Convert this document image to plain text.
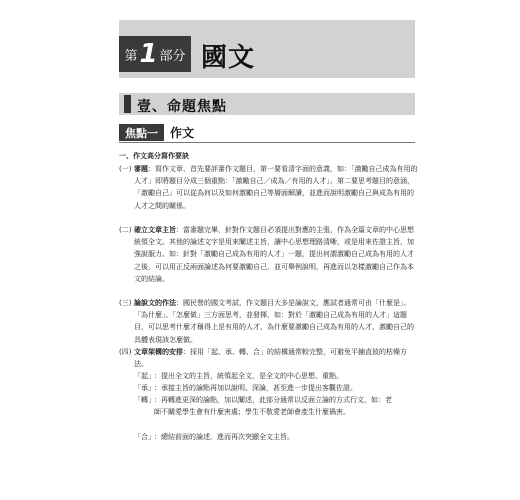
第 1 部分 國文
壹、命題焦點
焦點一	作文
一、作文高分寫作要訣
(一) 審題：寫作文章，首先要評審作文題目，第一要看清字面的意義，如：「激勵自己成為有用的人才」即將題目分成三個重點：「激勵自己／成為／有用的人才」。第二要思考題目的意涵，「激勵自己」可以從為何以及如何激勵自己等層面解讀，並進而說明激勵自己與成為有用的人才之間的關係。
(二) 確立文章主旨：當審題完畢，針對作文題目必須提出對應的主張，作為全篇文章的中心思想統領全文。其他的論述文字是用來闡述主旨，讓中心思想理路清晰，或是用來佐證主旨，加強說服力。如：針對「激勵自己成為有用的人才」一題，提出何謂激勵自己成為有用的人才之後，可以用正反兩面論述為何要激勵自己，並可舉例說明，再進而以怎樣激勵自己作為本文的結論。
(三) 論說文的作法：國民營的國文考試，作文題目大多是論說文，應試者通常可由「什麼是」、「為什麼」、「怎麼做」三方面思考，並發揮，如：對於「激勵自己成為有用的人才」這題目，可以思考什麼才稱得上是有用的人才，為什麼要激勵自己成為有用的人才，激勵自己的具體表現該怎麼做。
(四) 文章架構的安排：採用「起、承、轉、合」的結構通常較完整，可避免平鋪直敘的枯燥方法。
「起」 ：提出全文的主旨，統領起全文，是全文的中心思想、重點。
「承」 ：承接主旨的論點再加以說明、深論，甚至進一步提出客觀佐證。
「轉」 ：再轉進更深的論點，加以闡述，此部分通常以反面立論的方式行文，如：老師不關愛學生會有什麼害處；學生不敬愛老師會產生什麼禍害。
「合」 ：總結前面的論述，進而再次突顯全文主旨。
